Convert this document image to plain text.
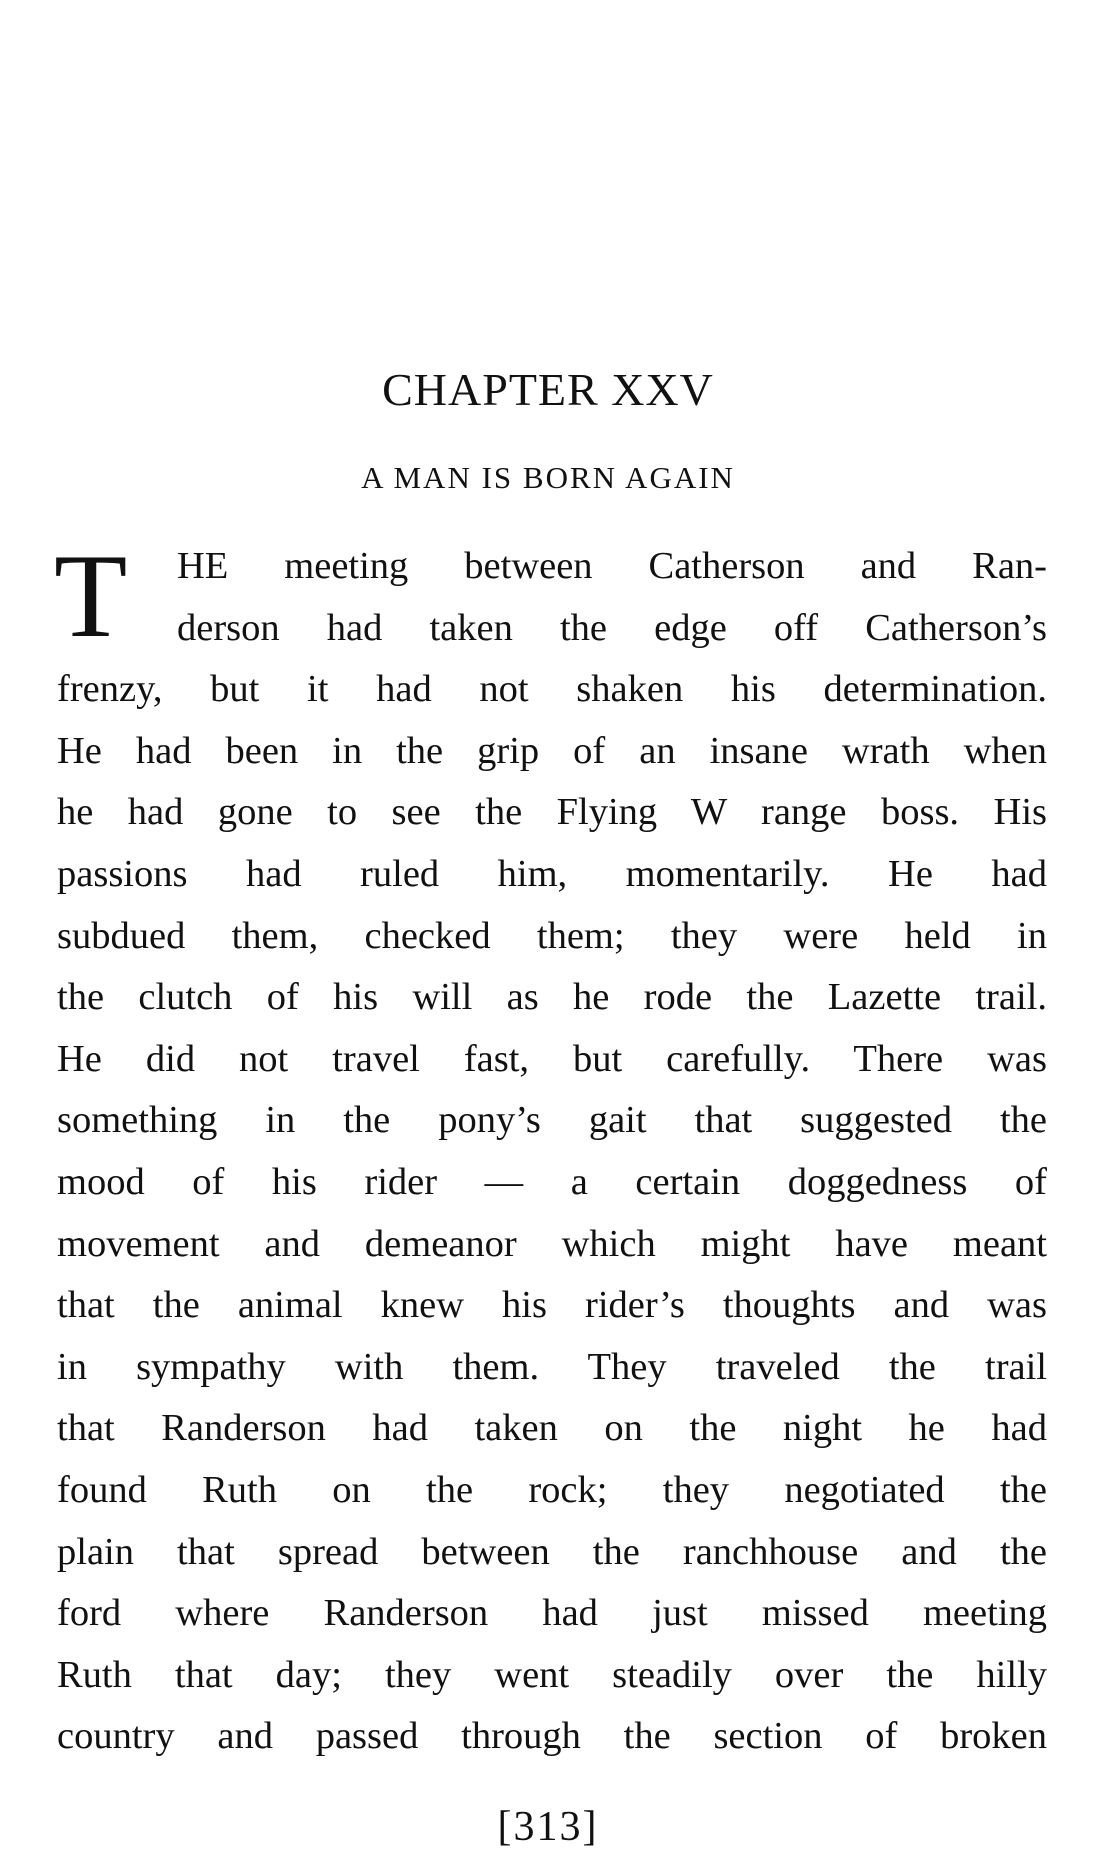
CHAPTER XXV
A MAN IS BORN AGAIN
T	HE meeting between Catherson and Ran-
derson had taken the edge off Catherson’s
frenzy, but it had not shaken his determination.
He had been in the grip of an insane wrath when
he had gone to see the Flying W range boss. His
passions had ruled him, momentarily. He had
subdued them, checked them; they were held in
the clutch of his will as he rode the Lazette trail.
He did not travel fast, but carefully. There was
something in the pony’s gait that suggested the
mood of his rider — a certain doggedness of
movement and demeanor which might have meant
that the animal knew his rider’s thoughts and was
in sympathy with them. They traveled the trail
that Randerson had taken on the night he had
found Ruth on the rock; they negotiated the
plain that spread between the ranchhouse and the
ford where Randerson had just missed meeting
Ruth that day; they went steadily over the hilly
country and passed through the section of broken
[313]
